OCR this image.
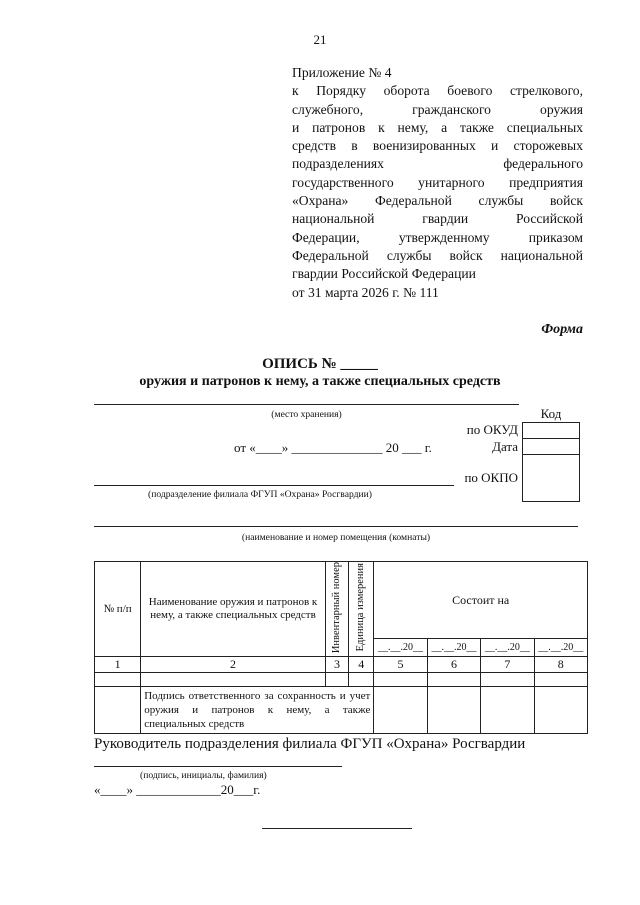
21
Приложение № 4
к Порядку оборота боевого стрелкового,
служебного, гражданского оружия
и патронов к нему, а также специальных
средств в военизированных и сторожевых
подразделениях федерального
государственного унитарного предприятия
«Охрана» Федеральной службы войск
национальной гвардии Российской
Федерации, утвержденному приказом
Федеральной службы войск национальной
гвардии Российской Федерации
от 31 марта 2026 г. № 111
Форма
ОПИСЬ № _____
оружия и патронов к нему, а также специальных средств
(место хранения)	Код
по ОКУД
Дата
по ОКПО
от «____» ______________ 20 ___ г.
(подразделение филиала ФГУП «Охрана» Росгвардии)
(наименование и номер помещения (комнаты)
№ п/п	Наименование оружия и патронов к нему, а также специальных средств	Инвентарный номер	Единица измерения	Состоит на			
				__.__.20__	__.__.20__	__.__.20__	__.__.20__
1	2	3	4	5	6	7	8

	Подпись ответственного за сохранность и учет
оружия и патронов к нему, а также
специальных средств						

Руководитель подразделения филиала ФГУП «Охрана» Росгвардии
(подпись, инициалы, фамилия)
«____» _____________20___г.
